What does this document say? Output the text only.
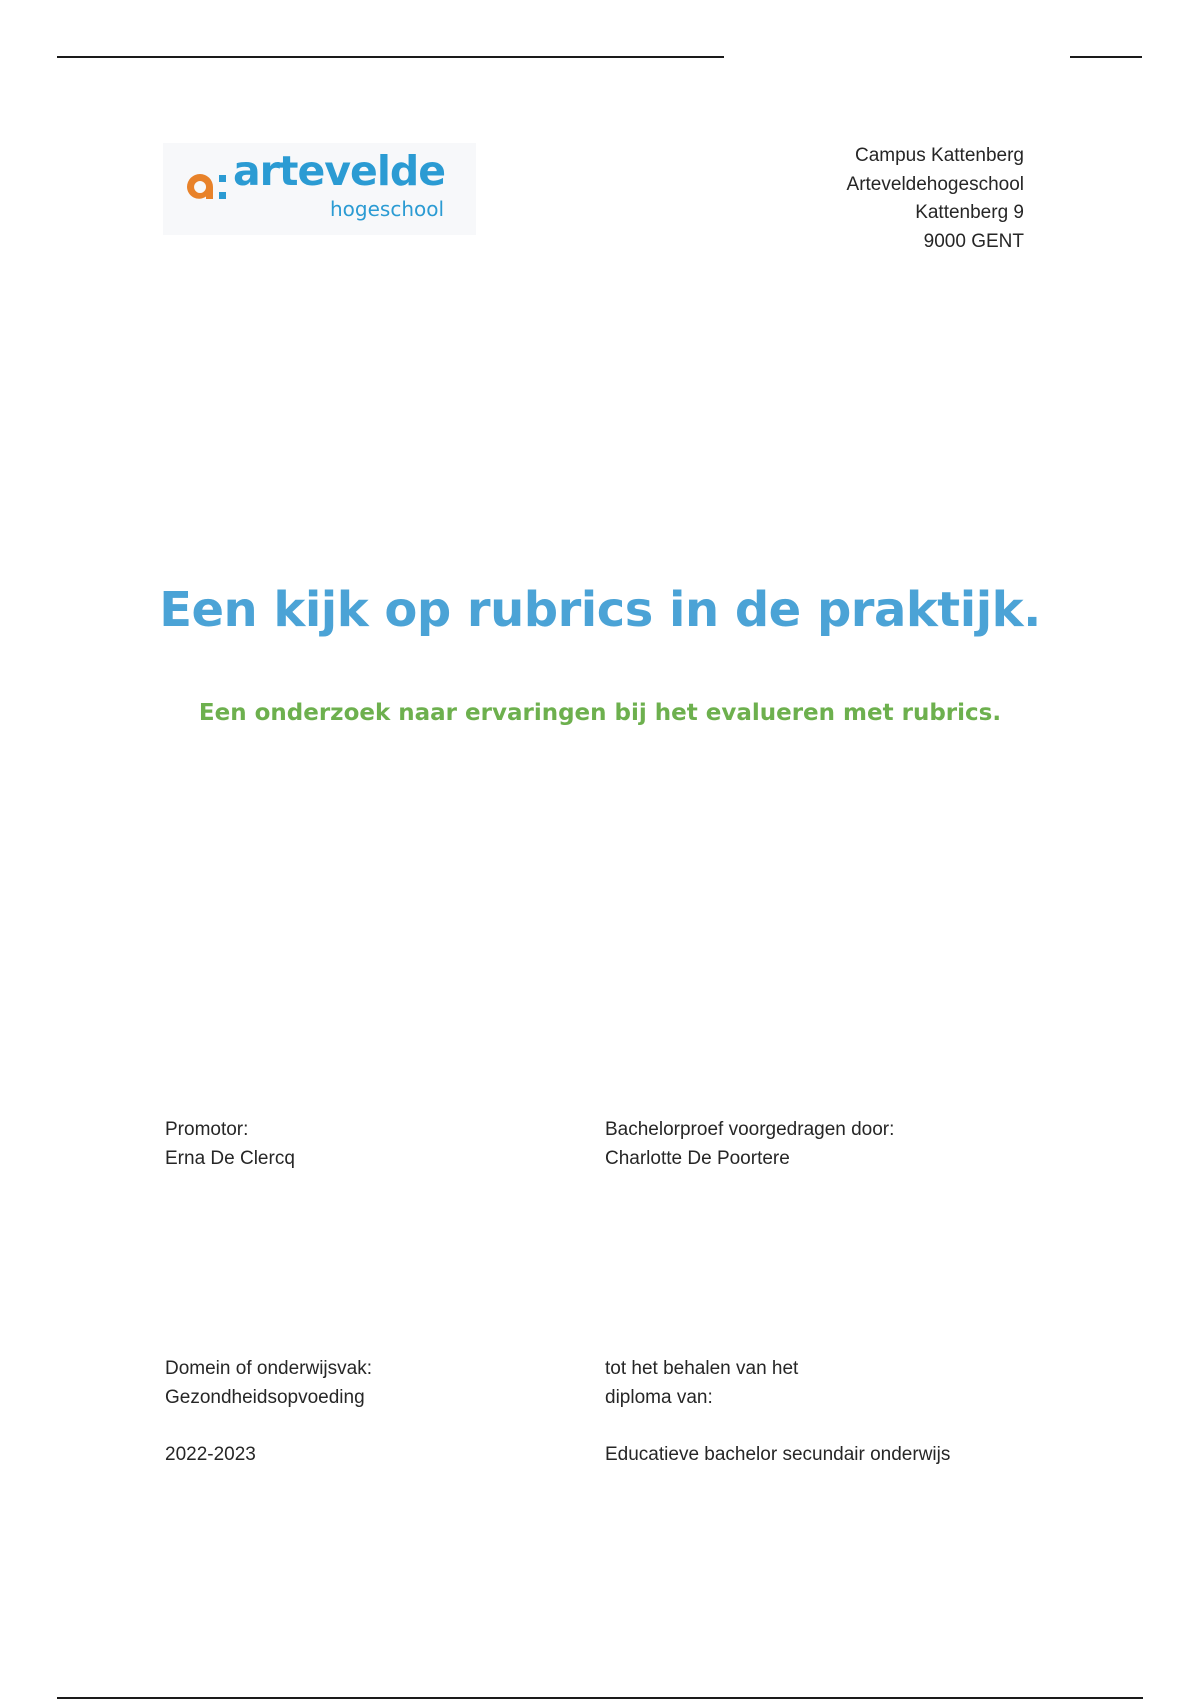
artevelde
hogeschool
Campus Kattenberg
Arteveldehogeschool
Kattenberg 9
9000 GENT
Een kijk op rubrics in de praktijk.
Een onderzoek naar ervaringen bij het evalueren met rubrics.
Promotor:
Erna De Clercq
Bachelorproef voorgedragen door:
Charlotte De Poortere
Domein of onderwijsvak:
Gezondheidsopvoeding
2022-2023
tot het behalen van het
diploma van:
Educatieve bachelor secundair onderwijs
